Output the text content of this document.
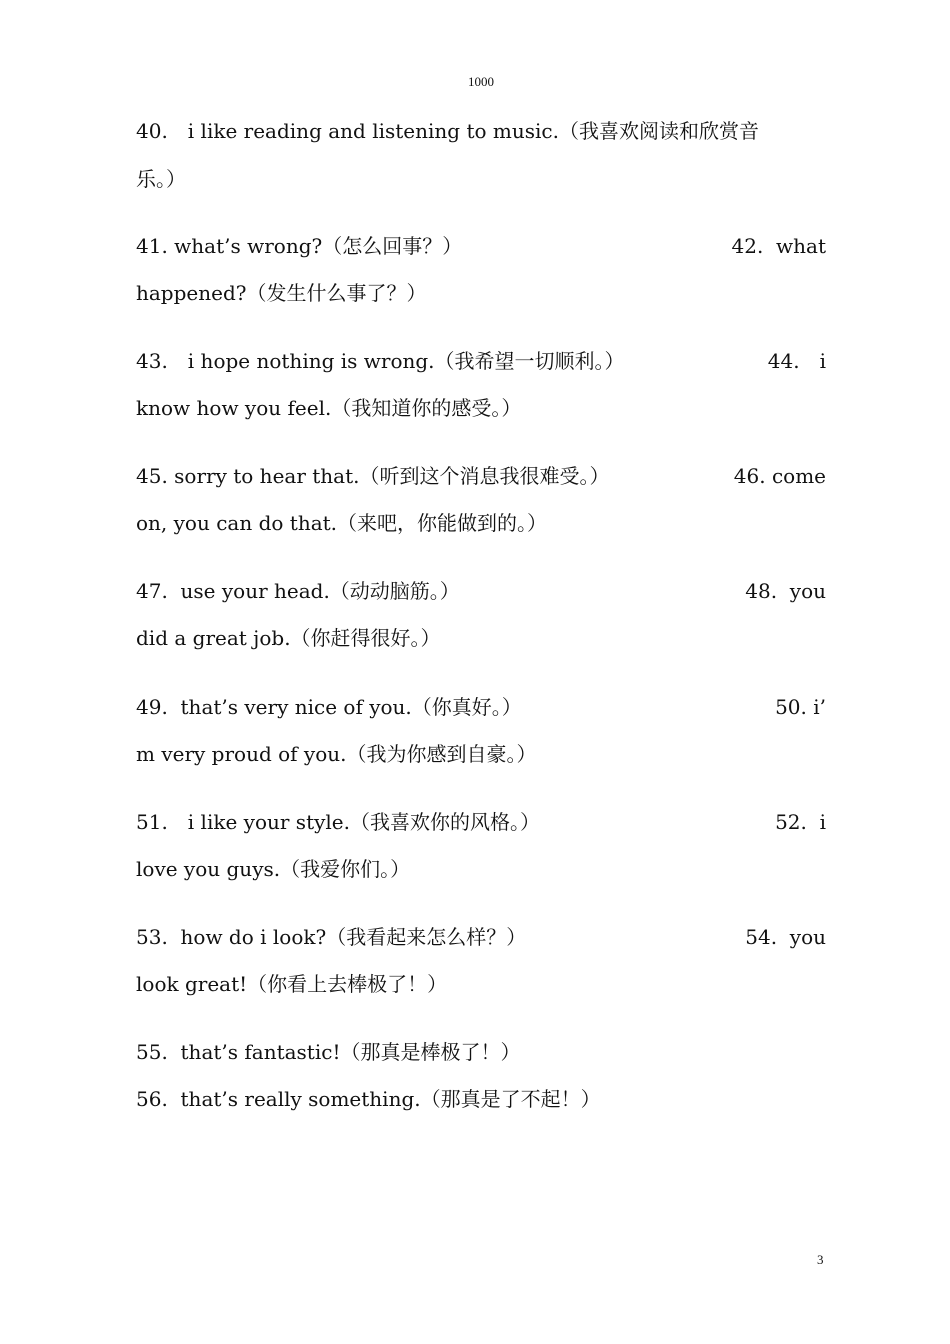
1000
40.　i like reading and listening to music.（我喜欢阅读和欣赏音
乐。）
41. what’s wrong?（怎么回事？）	42.  what
happened?（发生什么事了？）
43.　i hope nothing is wrong.（我希望一切顺利。）	44.　i
know how you feel.（我知道你的感受。）
45. sorry to hear that.（听到这个消息我很难受。）	46. come
on, you can do that.（来吧，你能做到的。）
47.  use your head.（动动脑筋。）	48.  you
did a great job.（你赶得很好。）
49.  that’s very nice of you.（你真好。）	50. i’
m very proud of you.（我为你感到自豪。）
51.　i like your style.（我喜欢你的风格。）	52.  i
love you guys.（我爱你们。）
53.  how do i look?（我看起来怎么样？）	54.  you
look great!（你看上去棒极了！）
55.  that’s fantastic!（那真是棒极了！）
56.  that’s really something.（那真是了不起！）
3
